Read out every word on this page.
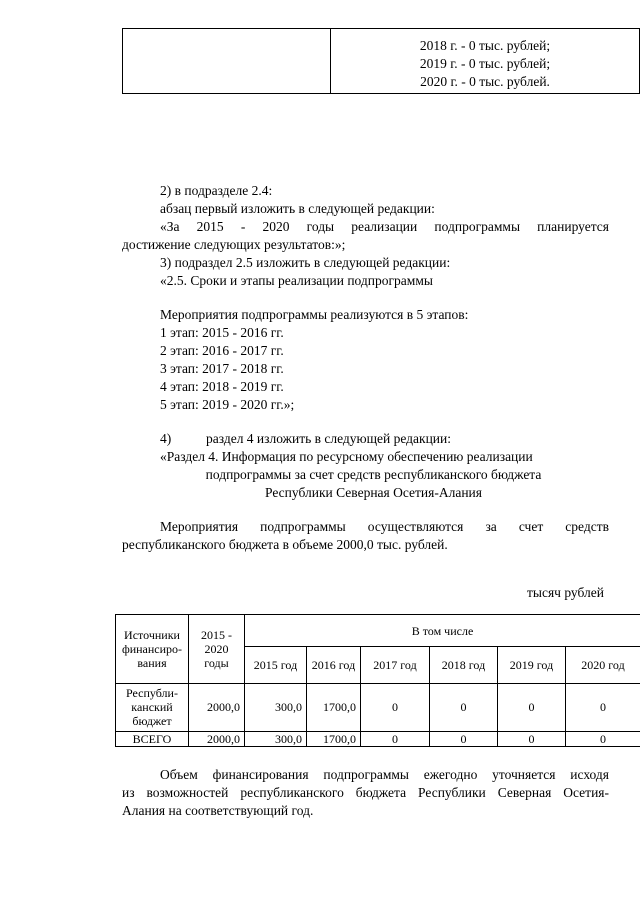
2018 г. - 0 тыс. рублей;
2019 г. - 0 тыс. рублей;
2020 г. - 0 тыс. рублей.
2) в подразделе 2.4:
абзац первый изложить в следующей редакции:
«За 2015 - 2020 годы реализации подпрограммы планируется
достижение следующих результатов:»;
3) подраздел 2.5 изложить в следующей редакции:
«2.5. Сроки и этапы реализации подпрограммы
Мероприятия подпрограммы реализуются в 5 этапов:
1 этап: 2015 - 2016 гг.
2 этап: 2016 - 2017 гг.
3 этап: 2017 - 2018 гг.
4 этап: 2018 - 2019 гг.
5 этап: 2019 - 2020 гг.»;
4)	раздел 4 изложить в следующей редакции:
«Раздел 4. Информация по ресурсному обеспечению реализации
подпрограммы за счет средств республиканского бюджета
Республики Северная Осетия-Алания
Мероприятия подпрограммы осуществляются за счет средств
республиканского бюджета в объеме 2000,0 тыс. рублей.
тысяч рублей
Источники финансиро-вания	2015 - 2020 годы	В том числе					
		2015 год	2016 год	2017 год	2018 год	2019 год	2020 год
Республи-канский бюджет	2000,0	300,0	1700,0	0	0	0	0
ВСЕГО	2000,0	300,0	1700,0	0	0	0	0
Объем финансирования подпрограммы ежегодно уточняется исходя
из возможностей республиканского бюджета Республики Северная Осетия-
Алания на соответствующий год.
